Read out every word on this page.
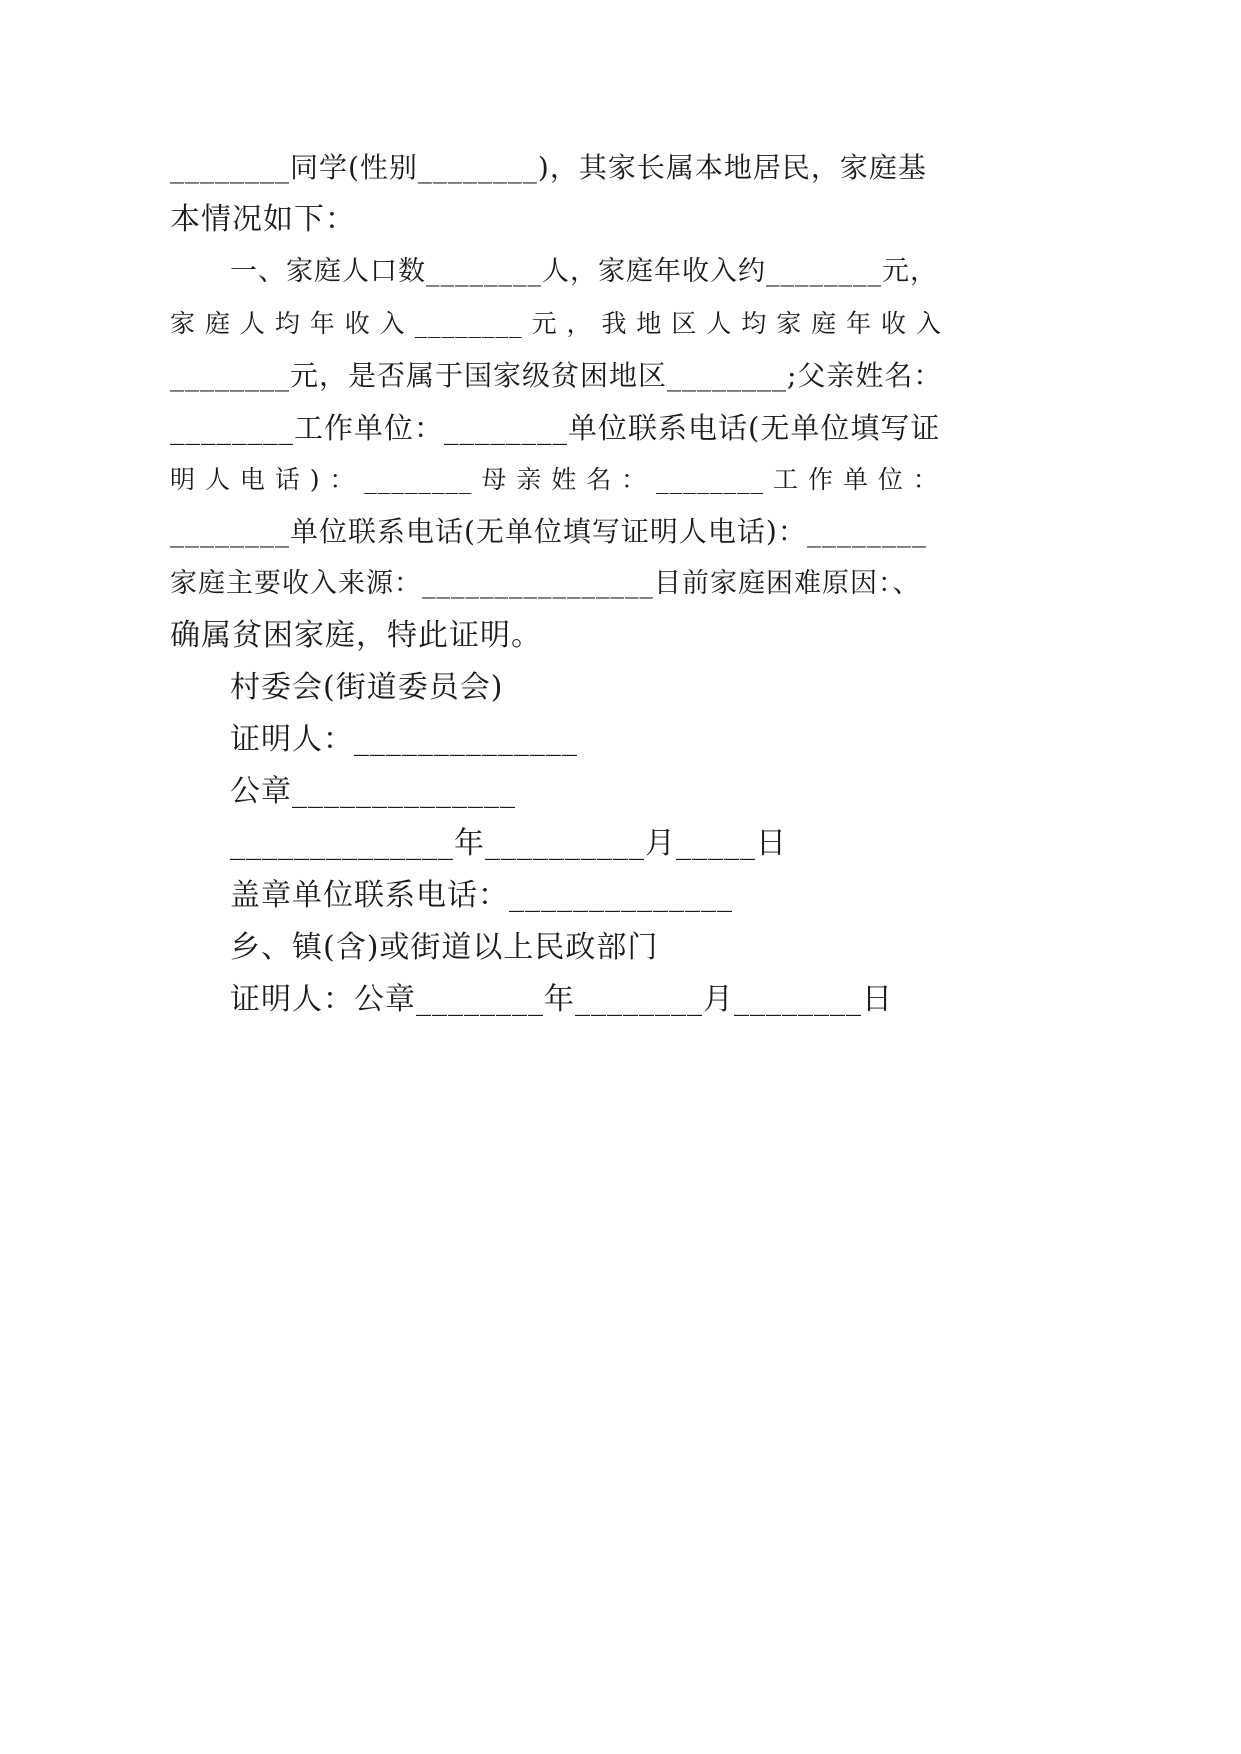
________同学(性别________)，其家长属本地居民，家庭基
本情况如下：
一、家庭人口数________人，家庭年收入约________元，
家 庭 人 均 年 收 入 ________ 元 ， 我 地 区 人 均 家 庭 年 收 入
________元，是否属于国家级贫困地区________;父亲姓名：
________工作单位：________单位联系电话(无单位填写证
明 人 电 话 ) ： ________ 母 亲 姓 名 ： ________ 工 作 单 位 ：
________单位联系电话(无单位填写证明人电话)：________
家庭主要收入来源：________________目前家庭困难原因：、
确属贫困家庭，特此证明。
村委会(街道委员会)
证明人：______________
公章______________
______________年__________月_____日
盖章单位联系电话：______________
乡、镇(含)或街道以上民政部门
证明人：公章________年________月________日
